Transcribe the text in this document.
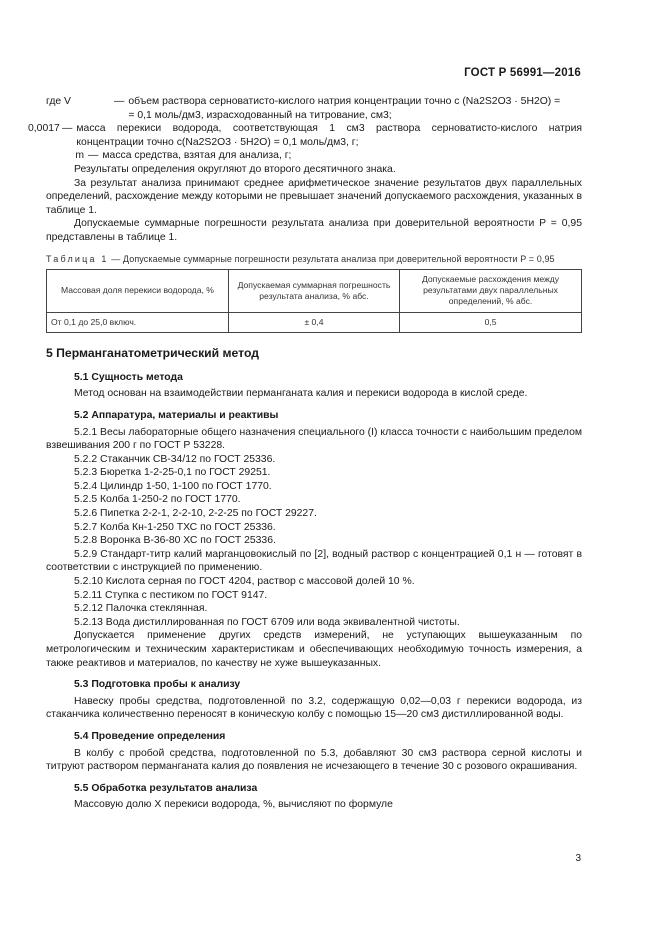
ГОСТ Р 56991—2016
где V	— объем раствора серноватисто-кислого натрия концентрации точно c (Na2S2O3 · 5H2O) =
= 0,1 моль/дм3, израсходованный на титрование, см3;
0,0017 — масса перекиси водорода, соответствующая 1 см3 раствора серноватисто-кислого натрия концентрации точно c(Na2S2O3 · 5H2O) = 0,1 моль/дм3, г;
m — масса средства, взятая для анализа, г;

Результаты определения округляют до второго десятичного знака.

За результат анализа принимают среднее арифметическое значение результатов двух параллельных определений, расхождение между которыми не превышает значений допускаемого расхождения, указанных в таблице 1.

Допускаемые суммарные погрешности результата анализа при доверительной вероятности P = 0,95 представлены в таблице 1.

Таблица 1 — Допускаемые суммарные погрешности результата анализа при доверительной вероятности P = 0,95
Массовая доля перекиси водорода, %	Допускаемая суммарная погрешность результата анализа, % абс.	Допускаемые расхождения между результатами двух параллельных определений, % абс.
От 0,1 до 25,0 включ.	± 0,4	0,5
5 Перманганатометрический метод

5.1 Сущность метода

Метод основан на взаимодействии перманганата калия и перекиси водорода в кислой среде.

5.2 Аппаратура, материалы и реактивы

5.2.1 Весы лабораторные общего назначения специального (I) класса точности с наибольшим пределом взвешивания 200 г по ГОСТ Р 53228.

5.2.2 Стаканчик СВ-34/12 по ГОСТ 25336.

5.2.3 Бюретка 1-2-25-0,1 по ГОСТ 29251.

5.2.4 Цилиндр 1-50, 1-100 по ГОСТ 1770.

5.2.5 Колба 1-250-2 по ГОСТ 1770.

5.2.6 Пипетка 2-2-1, 2-2-10, 2-2-25 по ГОСТ 29227.

5.2.7 Колба Кн-1-250 ТХС по ГОСТ 25336.

5.2.8 Воронка В-36-80 ХС по ГОСТ 25336.

5.2.9 Стандарт-титр калий марганцовокислый по [2], водный раствор с концентрацией 0,1 н — готовят в соответствии с инструкцией по применению.

5.2.10 Кислота серная по ГОСТ 4204, раствор с массовой долей 10 %.

5.2.11 Ступка с пестиком по ГОСТ 9147.

5.2.12 Палочка стеклянная.

5.2.13 Вода дистиллированная по ГОСТ 6709 или вода эквивалентной чистоты.

Допускается применение других средств измерений, не уступающих вышеуказанным по метрологическим и техническим характеристикам и обеспечивающих необходимую точность измерения, а также реактивов и материалов, по качеству не хуже вышеуказанных.

5.3 Подготовка пробы к анализу

Навеску пробы средства, подготовленной по 3.2, содержащую 0,02—0,03 г перекиси водорода, из стаканчика количественно переносят в коническую колбу с помощью 15—20 см3 дистиллированной воды.

5.4 Проведение определения

В колбу с пробой средства, подготовленной по 5.3, добавляют 30 см3 раствора серной кислоты и титруют раствором перманганата калия до появления не исчезающего в течение 30 с розового окрашивания.

5.5 Обработка результатов анализа

Массовую долю X перекиси водорода, %, вычисляют по формуле

3
